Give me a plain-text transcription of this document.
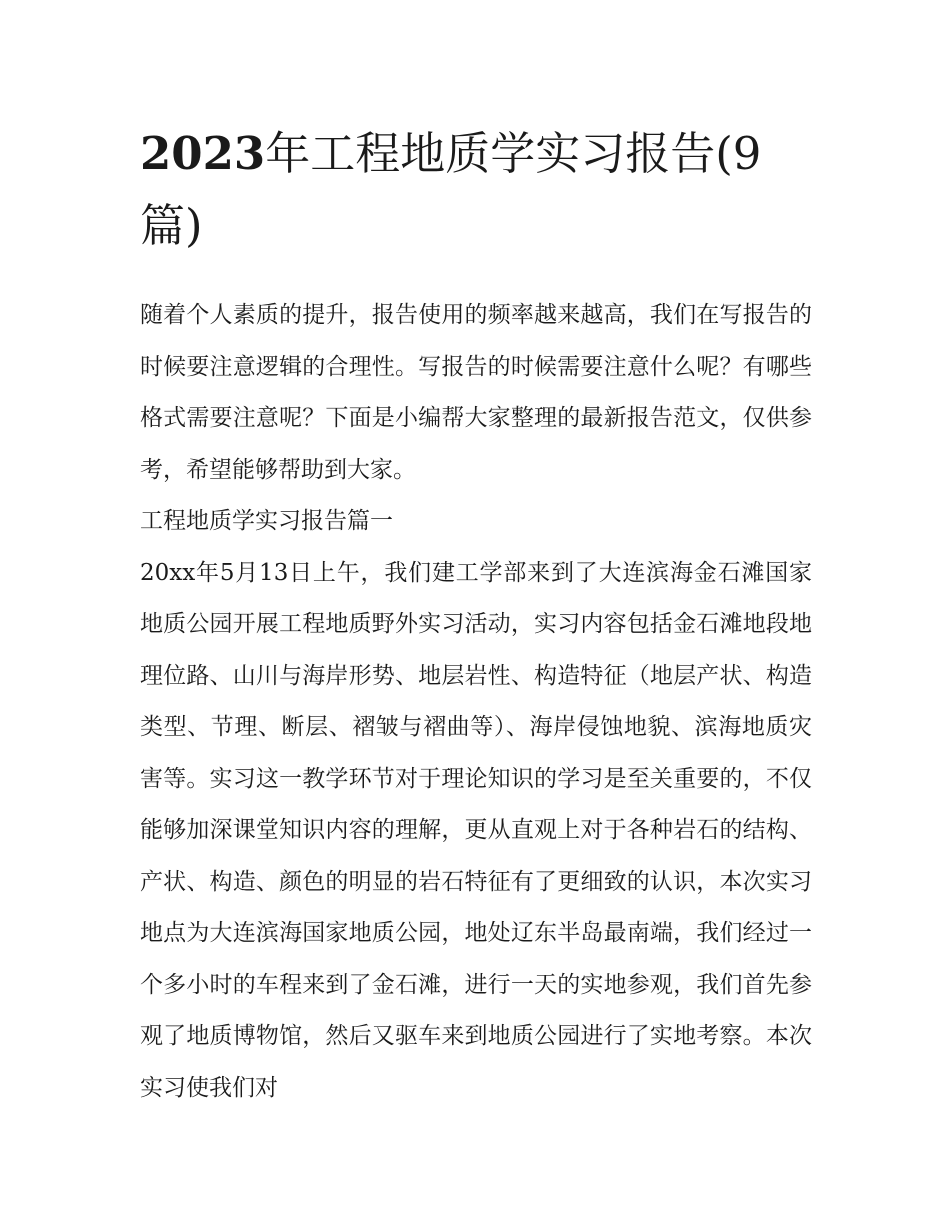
2023年工程地质学实习报告(9篇)

随着个人素质的提升，报告使用的频率越来越高，我们在写报告的时候要注意逻辑的合理性。写报告的时候需要注意什么呢？有哪些格式需要注意呢？下面是小编帮大家整理的最新报告范文，仅供参考，希望能够帮助到大家。

工程地质学实习报告篇一

20xx年5月13日上午，我们建工学部来到了大连滨海金石滩国家地质公园开展工程地质野外实习活动，实习内容包括金石滩地段地理位路、山川与海岸形势、地层岩性、构造特征（地层产状、构造类型、节理、断层、褶皱与褶曲等）、海岸侵蚀地貌、滨海地质灾害等。实习这一教学环节对于理论知识的学习是至关重要的，不仅能够加深课堂知识内容的理解，更从直观上对于各种岩石的结构、产状、构造、颜色的明显的岩石特征有了更细致的认识，本次实习地点为大连滨海国家地质公园，地处辽东半岛最南端，我们经过一个多小时的车程来到了金石滩，进行一天的实地参观，我们首先参观了地质博物馆，然后又驱车来到地质公园进行了实地考察。本次实习使我们对
